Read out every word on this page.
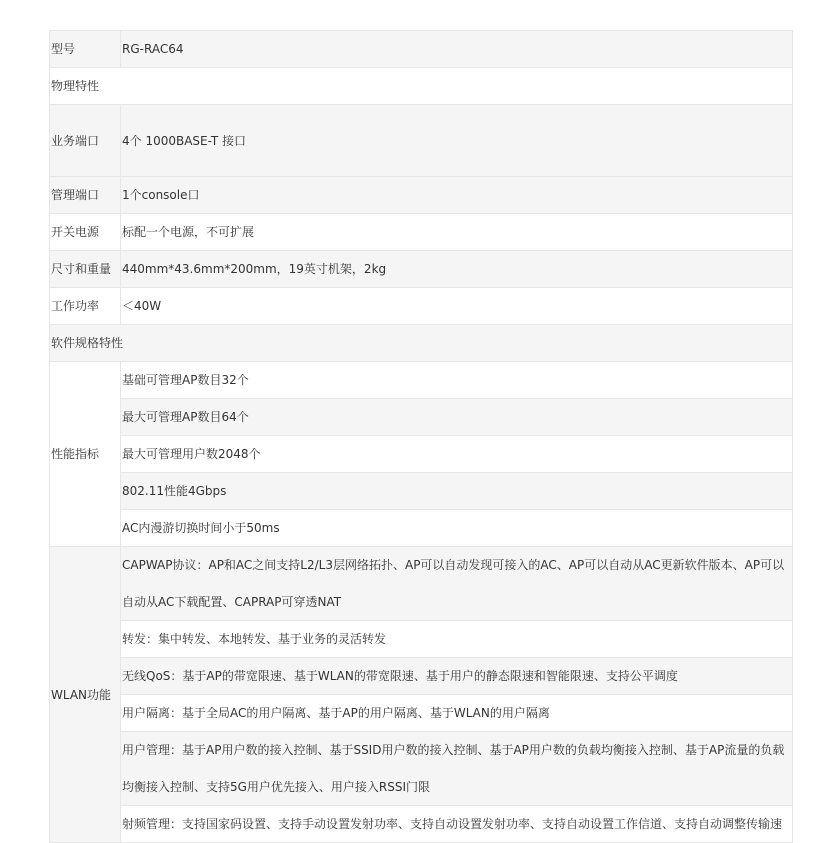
型号	RG-RAC64
物理特性	
业务端口	4个 1000BASE-T 接口
管理端口	1个console口
开关电源	标配一个电源，不可扩展
尺寸和重量	440mm*43.6mm*200mm，19英寸机架，2kg
工作功率	＜40W
软件规格特性	
性能指标	基础可管理AP数目32个
	最大可管理AP数目64个
	最大可管理用户数2048个
	802.11性能4Gbps
	AC内漫游切换时间小于50ms
WLAN功能	CAPWAP协议：AP和AC之间支持L2/L3层网络拓扑、AP可以自动发现可接入的AC、AP可以自动从AC更新软件版本、AP可以自动从AC下载配置、CAPRAP可穿透NAT
	转发：集中转发、本地转发、基于业务的灵活转发
	无线QoS：基于AP的带宽限速、基于WLAN的带宽限速、基于用户的静态限速和智能限速、支持公平调度
	用户隔离：基于全局AC的用户隔离、基于AP的用户隔离、基于WLAN的用户隔离
	用户管理：基于AP用户数的接入控制、基于SSID用户数的接入控制、基于AP用户数的负载均衡接入控制、基于AP流量的负载均衡接入控制、支持5G用户优先接入、用户接入RSSI门限
	射频管理：支持国家码设置、支持手动设置发射功率、支持自动设置发射功率、支持自动设置工作信道、支持自动调整传输速
